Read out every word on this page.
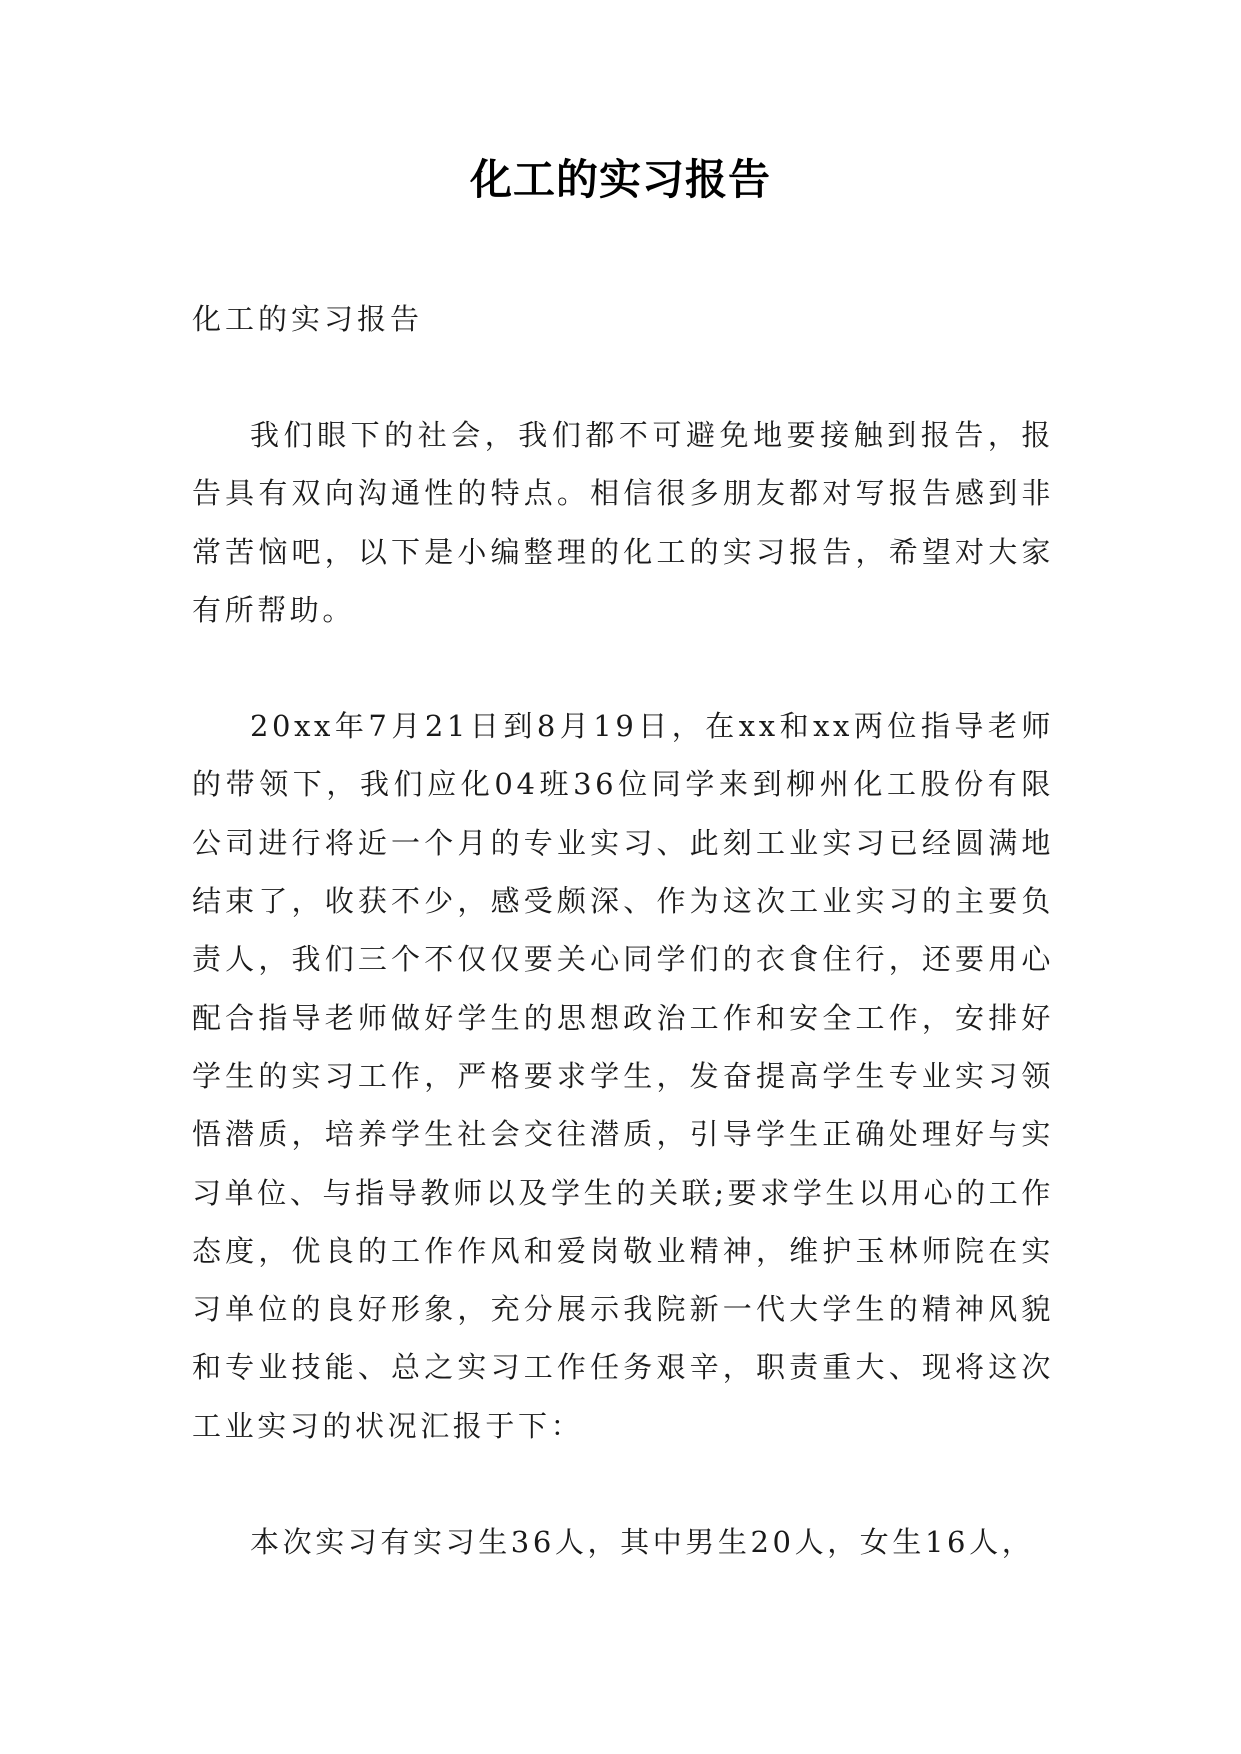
化工的实习报告

化工的实习报告

我们眼下的社会，我们都不可避免地要接触到报告，报告具有双向沟通性的特点。相信很多朋友都对写报告感到非常苦恼吧，以下是小编整理的化工的实习报告，希望对大家有所帮助。

20xx年7月21日到8月19日，在xx和xx两位指导老师的带领下，我们应化04班36位同学来到柳州化工股份有限公司进行将近一个月的专业实习、此刻工业实习已经圆满地结束了，收获不少，感受颇深、作为这次工业实习的主要负责人，我们三个不仅仅要关心同学们的衣食住行，还要用心配合指导老师做好学生的思想政治工作和安全工作，安排好学生的实习工作，严格要求学生，发奋提高学生专业实习领悟潜质，培养学生社会交往潜质，引导学生正确处理好与实习单位、与指导教师以及学生的关联;要求学生以用心的工作态度，优良的工作作风和爱岗敬业精神，维护玉林师院在实习单位的良好形象，充分展示我院新一代大学生的精神风貌和专业技能、总之实习工作任务艰辛，职责重大、现将这次工业实习的状况汇报于下：

本次实习有实习生36人，其中男生20人，女生16人，
